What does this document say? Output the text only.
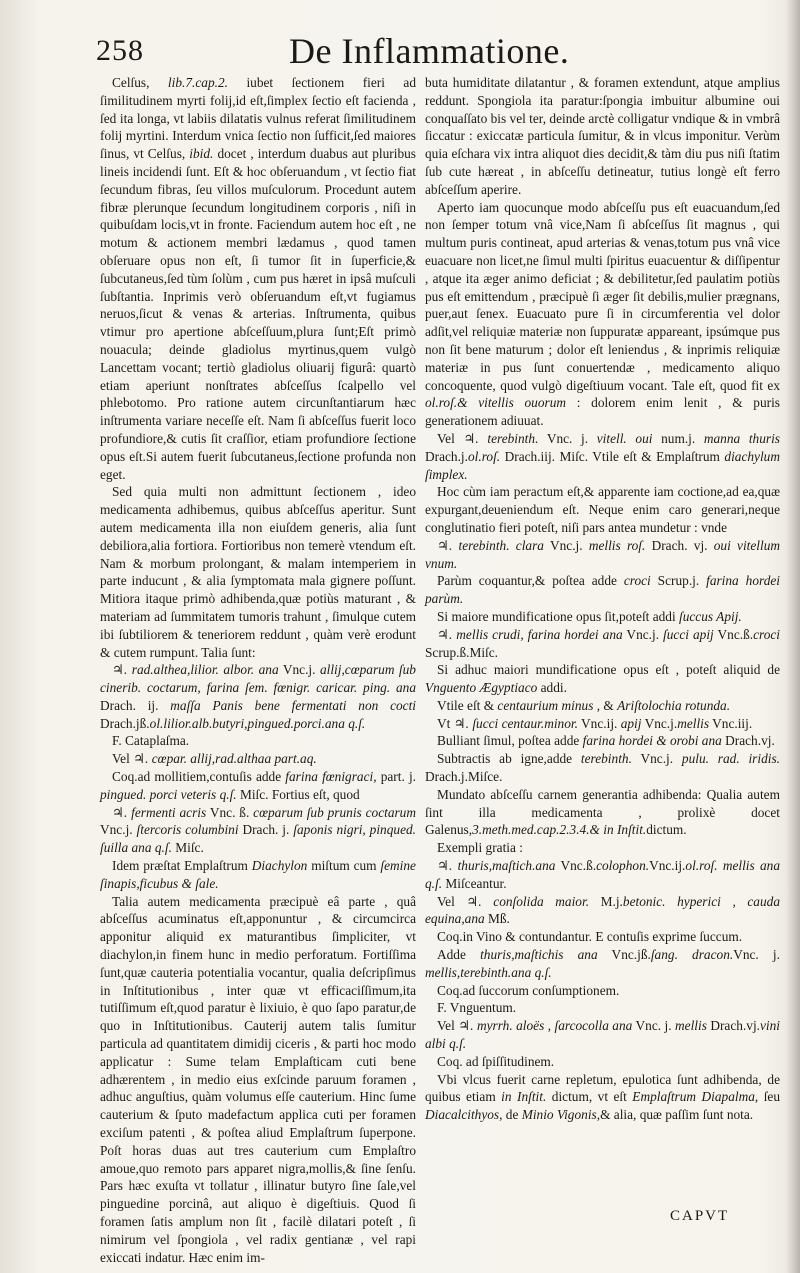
258	De Inflammatione.

Celſus, lib.7.cap.2. iubet ſectionem fieri ad ſimilitudinem myrti folij,id eſt,ſimplex ſectio eſt facienda , ſed ita longa, vt labiis dilatatis vulnus referat ſimilitudinem folij myrtini. Interdum vnica ſectio non ſufficit,ſed maiores ſinus, vt Celſus, ibid. docet , interdum duabus aut pluribus lineis incidendi ſunt. Eſt & hoc obſeruandum , vt ſectio fiat ſecundum fibras, ſeu villos muſculorum. Procedunt autem fibræ plerunque ſecundum longitudinem corporis , niſi in quibuſdam locis,vt in fronte. Faciendum autem hoc eſt , ne motum & actionem membri lædamus , quod tamen obſeruare opus non eſt, ſi tumor ſit in ſuperficie,& ſubcutaneus,ſed tùm ſolùm , cum pus hæret in ipsâ muſculi ſubſtantia. Inprimis verò obſeruandum eſt,vt fugiamus neruos,ſicut & venas & arterias. Inſtrumenta, quibus vtimur pro apertione abſceſſuum,plura ſunt;Eſt primò nouacula; deinde gladiolus myrtinus,quem vulgò Lancettam vocant; tertiò gladiolus oliuarij figurâ: quartò etiam aperiunt nonſtrates abſceſſus ſcalpello vel phlebotomo. Pro ratione autem circunſtantiarum hæc inſtrumenta variare neceſſe eſt. Nam ſi abſceſſus fuerit loco profundiore,& cutis ſit craſſior, etiam profundiore ſectione opus eſt.Si autem fuerit ſubcutaneus,ſectione profunda non eget.

Sed quia multi non admittunt ſectionem , ideo medicamenta adhibemus, quibus abſceſſus aperitur. Sunt autem medicamenta illa non eiuſdem generis, alia ſunt debiliora,alia fortiora. Fortioribus non temerè vtendum eſt. Nam & morbum prolongant, & malam intemperiem in parte inducunt , & alia ſymptomata mala gignere poſſunt. Mitiora itaque primò adhibenda,quæ potiùs maturant , & materiam ad ſummitatem tumoris trahunt , ſimulque cutem ibi ſubtiliorem & teneriorem reddunt , quàm verè erodunt & cutem rumpunt. Talia ſunt:

♃. rad.althea,lilior. albor. ana Vnc.j. allij,cœparum ſub cinerib. coctarum, farina ſem. fœnigr. caricar. ping. ana Drach. ij. maſſa Panis bene fermentati non cocti Drach.jß.ol.lilior.alb.butyri,pingued.porci.ana q.ſ.

F. Cataplaſma.

Vel ♃. cœpar. allij,rad.althaa part.aq.

Coq.ad mollitiem,contuſis adde farina fœnigraci, part. j. pingued. porci veteris q.ſ. Miſc. Fortius eſt, quod

♃. fermenti acris Vnc. ß. cœparum ſub prunis coctarum Vnc.j. ſtercoris columbini Drach. j. ſaponis nigri, pinqued. ſuilla ana q.ſ. Miſc.

Idem præſtat Emplaſtrum Diachylon miſtum cum ſemine ſinapis,ficubus & ſale.

Talia autem medicamenta præcipuè eâ parte , quâ abſceſſus acuminatus eſt,apponuntur , & circumcirca apponitur aliquid ex maturantibus ſimpliciter, vt diachylon,in finem hunc in medio perforatum. Fortiſſima ſunt,quæ cauteria potentialia vocantur, qualia deſcripſimus in Inſtitutionibus , inter quæ vt efficaciſſimum,ita tutiſſimum eſt,quod paratur è lixiuio, è quo ſapo paratur,de quo in Inſtitutionibus. Cauterij autem talis ſumitur particula ad quantitatem dimidij ciceris , & parti hoc modo applicatur : Sume telam Emplaſticam cuti bene adhærentem , in medio eius exſcinde paruum foramen , adhuc anguſtius, quàm volumus eſſe cauterium. Hinc ſume cauterium & ſputo madefactum applica cuti per foramen exciſum patenti , & poſtea aliud Emplaſtrum ſuperpone. Poſt horas duas aut tres cauterium cum Emplaſtro amoue,quo remoto pars apparet nigra,mollis,& ſine ſenſu. Pars hæc exuſta vt tollatur , illinatur butyro ſine ſale,vel pinguedine porcinâ, aut aliquo è digeſtiuis. Quod ſi foramen ſatis amplum non ſit , facilè dilatari poteſt , ſi nimirum vel ſpongiola , vel radix gentianæ , vel rapi exiccati indatur. Hæc enim im-

buta humiditate dilatantur , & foramen extendunt, atque amplius reddunt. Spongiola ita paratur:ſpongia imbuitur albumine oui conquaſſato bis vel ter, deinde arctè colligatur vndique & in vmbrâ ſiccatur : exiccatæ particula ſumitur, & in vlcus imponitur. Verùm quia eſchara vix intra aliquot dies decidit,& tàm diu pus niſi ſtatim ſub cute hæreat , in abſceſſu detineatur, tutius longè eſt ferro abſceſſum aperire.

Aperto iam quocunque modo abſceſſu pus eſt euacuandum,ſed non ſemper totum vnâ vice,Nam ſi abſceſſus ſit magnus , qui multum puris contineat, apud arterias & venas,totum pus vnâ vice euacuare non licet,ne ſimul multi ſpiritus euacuentur & diſſipentur , atque ita æger animo deficiat ; & debilitetur,ſed paulatim potiùs pus eſt emittendum , præcipuè ſi æger ſit debilis,mulier prægnans, puer,aut ſenex. Euacuato pure ſi in circumferentia vel dolor adſit,vel reliquiæ materiæ non ſuppuratæ appareant, ipsúmque pus non ſit bene maturum ; dolor eſt leniendus , & inprimis reliquiæ materiæ in pus ſunt conuertendæ , medicamento aliquo concoquente, quod vulgò digeſtiuum vocant. Tale eſt, quod fit ex ol.roſ.& vitellis ouorum : dolorem enim lenit , & puris generationem adiuuat.

Vel ♃. terebinth. Vnc. j. vitell. oui num.j. manna thuris Drach.j.ol.roſ. Drach.iij. Miſc. Vtile eſt & Emplaſtrum diachylum ſimplex.

Hoc cùm iam peractum eſt,& apparente iam coctione,ad ea,quæ expurgant,deueniendum eſt. Neque enim caro generari,neque conglutinatio fieri poteſt, niſi pars antea mundetur : vnde

♃. terebinth. clara Vnc.j. mellis roſ. Drach. vj. oui vitellum vnum.

Parùm coquantur,& poſtea adde croci Scrup.j. farina hordei parùm.

Si maiore mundificatione opus ſit,poteſt addi ſuccus Apij.

♃. mellis crudi, farina hordei ana Vnc.j. ſucci apij Vnc.ß.croci Scrup.ß.Miſc.

Si adhuc maiori mundificatione opus eſt , poteſt aliquid de Vnguento Ægyptiaco addi.

Vtile eſt & centaurium minus , & Ariſtolochia rotunda.

Vt ♃. ſucci centaur.minor. Vnc.ij. apij Vnc.j.mellis Vnc.iij.

Bulliant ſimul, poſtea adde farina hordei & orobi ana Drach.vj.

Subtractis ab igne,adde terebinth. Vnc.j. pulu. rad. iridis. Drach.j.Miſce.

Mundato abſceſſu carnem generantia adhibenda: Qualia autem ſint illa medicamenta , prolixè docet Galenus,3.meth.med.cap.2.3.4.& in Inſtit.dictum.

Exempli gratia :

♃. thuris,maſtich.ana Vnc.ß.colophon.Vnc.ij.ol.roſ. mellis ana q.ſ. Miſceantur.

Vel ♃. conſolida maior. M.j.betonic. hyperici , cauda equina,ana Mß.

Coq.in Vino & contundantur. E contuſis exprime ſuccum.

Adde thuris,maſtichis ana Vnc.jß.ſang. dracon.Vnc. j. mellis,terebinth.ana q.ſ.

Coq.ad ſuccorum conſumptionem.

F. Vnguentum.

Vel ♃. myrrh. aloës , ſarcocolla ana Vnc. j. mellis Drach.vj.vini albi q.ſ.

Coq. ad ſpiſſitudinem.

Vbi vlcus fuerit carne repletum, epulotica ſunt adhibenda, de quibus etiam in Inſtit. dictum, vt eſt Emplaſtrum Diapalma, ſeu Diacalcithyos, de Minio Vigonis,& alia, quæ paſſim ſunt nota.

CAPVT
